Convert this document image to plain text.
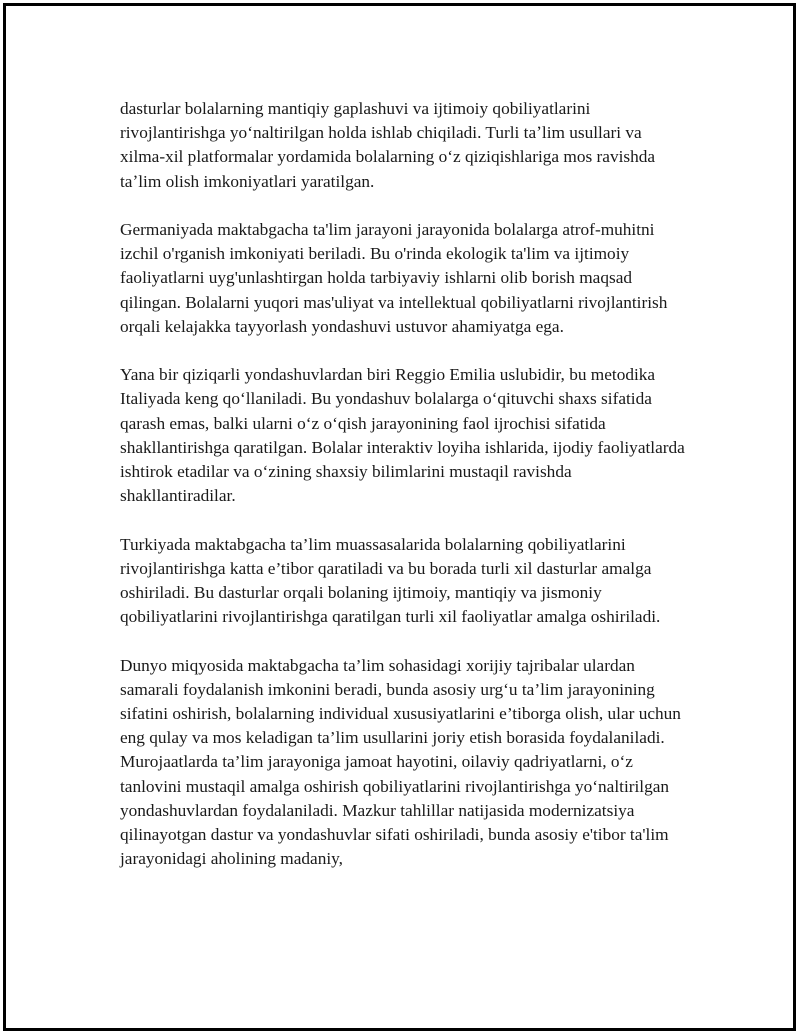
dasturlar bolalarning mantiqiy gaplashuvi va ijtimoiy qobiliyatlarini rivojlantirishga yoʻnaltirilgan holda ishlab chiqiladi. Turli taʼlim usullari va xilma-xil platformalar yordamida bolalarning oʻz qiziqishlariga mos ravishda taʼlim olish imkoniyatlari yaratilgan.

Germaniyada maktabgacha ta'lim jarayoni jarayonida bolalarga atrof-muhitni izchil o'rganish imkoniyati beriladi. Bu o'rinda ekologik ta'lim va ijtimoiy faoliyatlarni uyg'unlashtirgan holda tarbiyaviy ishlarni olib borish maqsad qilingan. Bolalarni yuqori mas'uliyat va intellektual qobiliyatlarni rivojlantirish orqali kelajakka tayyorlash yondashuvi ustuvor ahamiyatga ega.

Yana bir qiziqarli yondashuvlardan biri Reggio Emilia uslubidir, bu metodika Italiyada keng qoʻllaniladi. Bu yondashuv bolalarga oʻqituvchi shaxs sifatida qarash emas, balki ularni oʻz oʻqish jarayonining faol ijrochisi sifatida shakllantirishga qaratilgan. Bolalar interaktiv loyiha ishlarida, ijodiy faoliyatlarda ishtirok etadilar va oʻzining shaxsiy bilimlarini mustaqil ravishda shakllantiradilar.

Turkiyada maktabgacha ta’lim muassasalarida bolalarning qobiliyatlarini rivojlantirishga katta e’tibor qaratiladi va bu borada turli xil dasturlar amalga oshiriladi. Bu dasturlar orqali bolaning ijtimoiy, mantiqiy va jismoniy qobiliyatlarini rivojlantirishga qaratilgan turli xil faoliyatlar amalga oshiriladi.

Dunyo miqyosida maktabgacha ta’lim sohasidagi xorijiy tajribalar ulardan samarali foydalanish imkonini beradi, bunda asosiy urg‘u ta’lim jarayonining sifatini oshirish, bolalarning individual xususiyatlarini e’tiborga olish, ular uchun eng qulay va mos keladigan ta’lim usullarini joriy etish borasida foydalaniladi. Murojaatlarda ta’lim jarayoniga jamoat hayotini, oilaviy qadriyatlarni, o‘z tanlovini mustaqil amalga oshirish qobiliyatlarini rivojlantirishga yoʻnaltirilgan yondashuvlardan foydalaniladi. Mazkur tahlillar natijasida modernizatsiya qilinayotgan dastur va yondashuvlar sifati oshiriladi, bunda asosiy e'tibor ta'lim jarayonidagi aholining madaniy,
